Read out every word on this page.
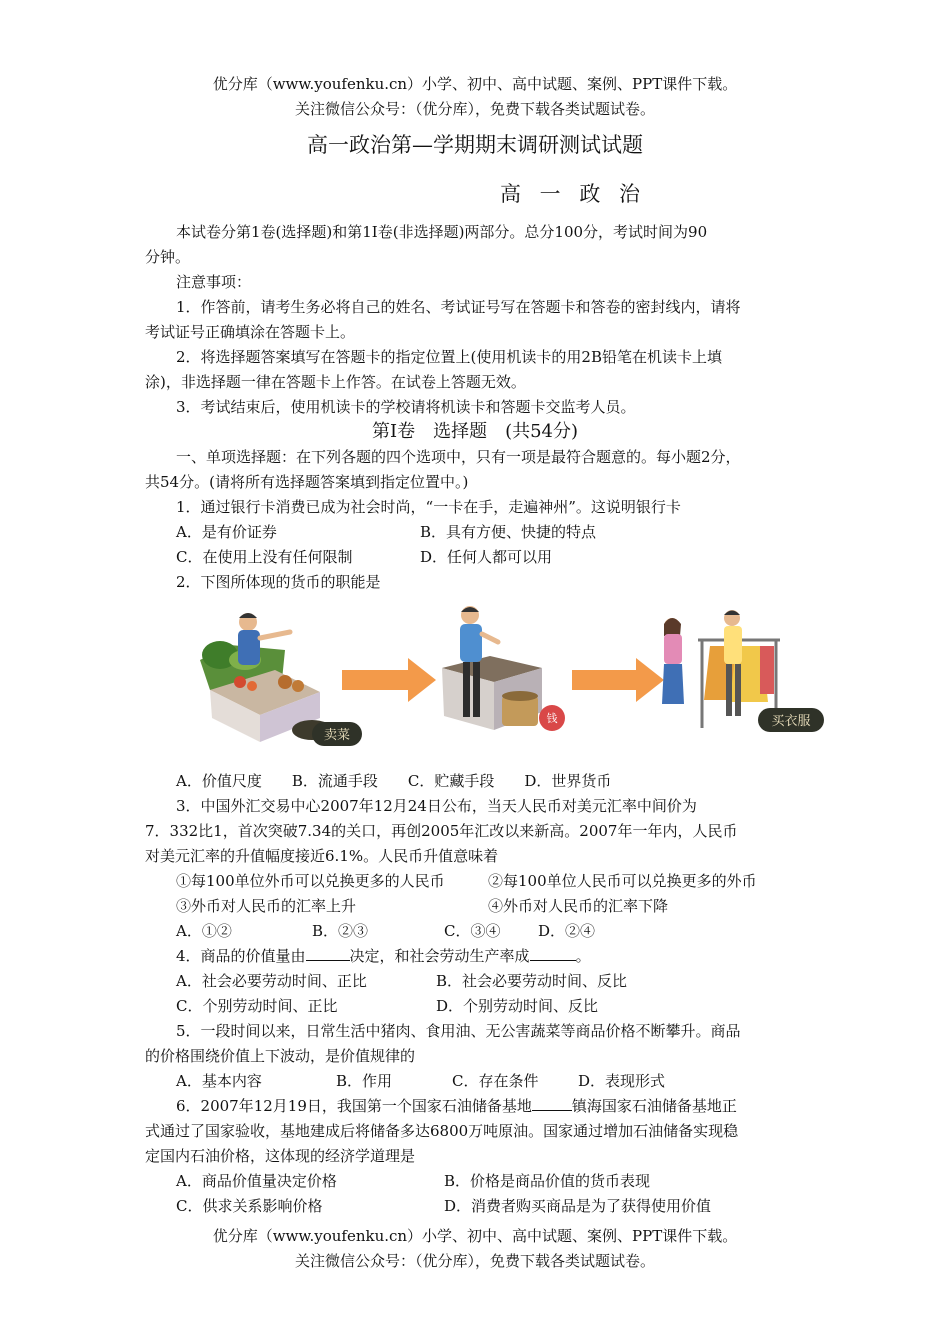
优分库（www.youfenku.cn）小学、初中、高中试题、案例、PPT课件下载。
关注微信公众号：（优分库），免费下载各类试题试卷。
高一政治第—学期期末调研测试试题
高 一 政 治
本试卷分第1卷(选择题)和第1I卷(非选择题)两部分。总分100分，考试时间为90
分钟。
注意事项：
1．作答前，请考生务必将自己的姓名、考试证号写在答题卡和答卷的密封线内，请将
考试证号正确填涂在答题卡上。
2．将选择题答案填写在答题卡的指定位置上(使用机读卡的用2B铅笔在机读卡上填
涂)，非选择题一律在答题卡上作答。在试卷上答题无效。
3．考试结束后，使用机读卡的学校请将机读卡和答题卡交监考人员。
第Ⅰ卷　选择题　(共54分)
一、单项选择题：在下列各题的四个选项中，只有一项是最符合题意的。每小题2分，
共54分。(请将所有选择题答案填到指定位置中。)
1．通过银行卡消费已成为社会时尚，“一卡在手，走遍神州”。这说明银行卡
A．是有价证券	B．具有方便、快捷的特点
C．在使用上没有任何限制	D．任何人都可以用
2．下图所体现的货币的职能是
钱	买衣服
卖菜
A．价值尺度　　B．流通手段　　C．贮藏手段　　D．世界货币
3．中国外汇交易中心2007年12月24日公布，当天人民币对美元汇率中间价为
7．332比1，首次突破7.34的关口，再创2005年汇改以来新高。2007年一年内，人民币
对美元汇率的升值幅度接近6.1%。人民币升值意味着
①每100单位外币可以兑换更多的人民币	②每100单位人民币可以兑换更多的外币
③外币对人民币的汇率上升	④外币对人民币的汇率下降
A．①②	B．②③	C．③④	D．②④
4．商品的价值量由	决定，和社会劳动生产率成	。
A．社会必要劳动时间、正比	B．社会必要劳动时间、反比
C．个别劳动时间、正比	D．个别劳动时间、反比
5．一段时间以来，日常生活中猪肉、食用油、无公害蔬菜等商品价格不断攀升。商品
的价格围绕价值上下波动，是价值规律的
A．基本内容	B．作用	C．存在条件	D．表现形式
6．2007年12月19日，我国第一个国家石油储备基地	镇海国家石油储备基地正
式通过了国家验收，基地建成后将储备多达6800万吨原油。国家通过增加石油储备实现稳
定国内石油价格，这体现的经济学道理是
A．商品价值量决定价格	B．价格是商品价值的货币表现
C．供求关系影响价格	D．消费者购买商品是为了获得使用价值
优分库（www.youfenku.cn）小学、初中、高中试题、案例、PPT课件下载。
关注微信公众号：（优分库），免费下载各类试题试卷。
